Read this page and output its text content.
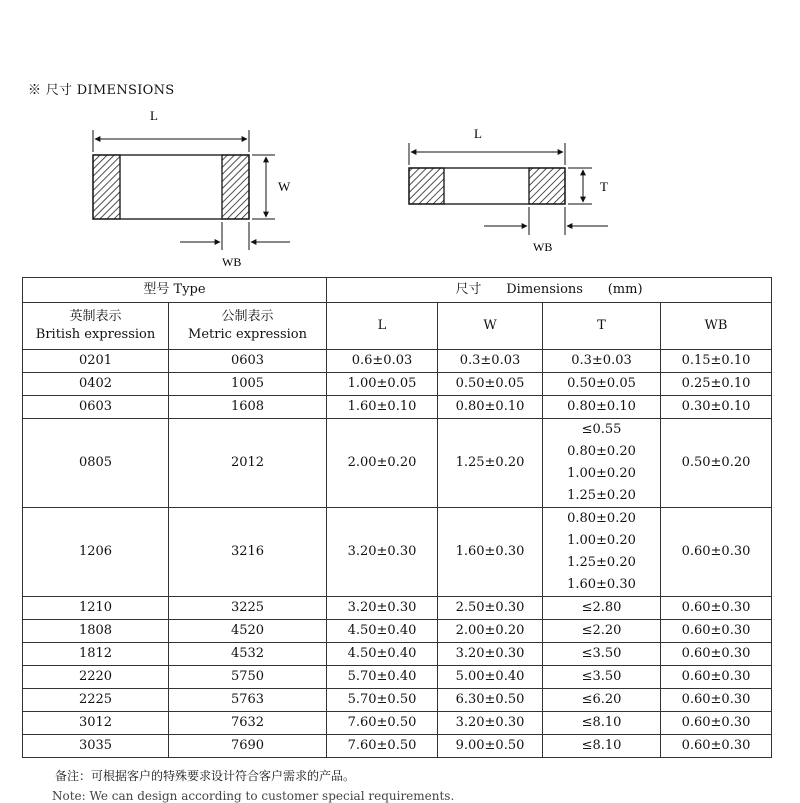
※ 尺寸 DIMENSIONS
L
W
WB
L
T
WB
型号 Type		尺寸      Dimensions      (mm)			

英制表示
British expression	公制表示
Metric expression	L	W	T	WB
0201	0603	0.6±0.03	0.3±0.03	0.3±0.03	0.15±0.10
0402	1005	1.00±0.05	0.50±0.05	0.50±0.05	0.25±0.10
0603	1608	1.60±0.10	0.80±0.10	0.80±0.10	0.30±0.10
0805	2012	2.00±0.20	1.25±0.20	≤0.55
0.80±0.20
1.00±0.20
1.25±0.20	0.50±0.20
1206	3216	3.20±0.30	1.60±0.30	0.80±0.20
1.00±0.20
1.25±0.20
1.60±0.30	0.60±0.30
1210	3225	3.20±0.30	2.50±0.30	≤2.80	0.60±0.30
1808	4520	4.50±0.40	2.00±0.20	≤2.20	0.60±0.30
1812	4532	4.50±0.40	3.20±0.30	≤3.50	0.60±0.30
2220	5750	5.70±0.40	5.00±0.40	≤3.50	0.60±0.30
2225	5763	5.70±0.50	6.30±0.50	≤6.20	0.60±0.30
3012	7632	7.60±0.50	3.20±0.30	≤8.10	0.60±0.30
3035	7690	7.60±0.50	9.00±0.50	≤8.10	0.60±0.30
备注：可根据客户的特殊要求设计符合客户需求的产品。
Note: We can design according to customer special requirements.
